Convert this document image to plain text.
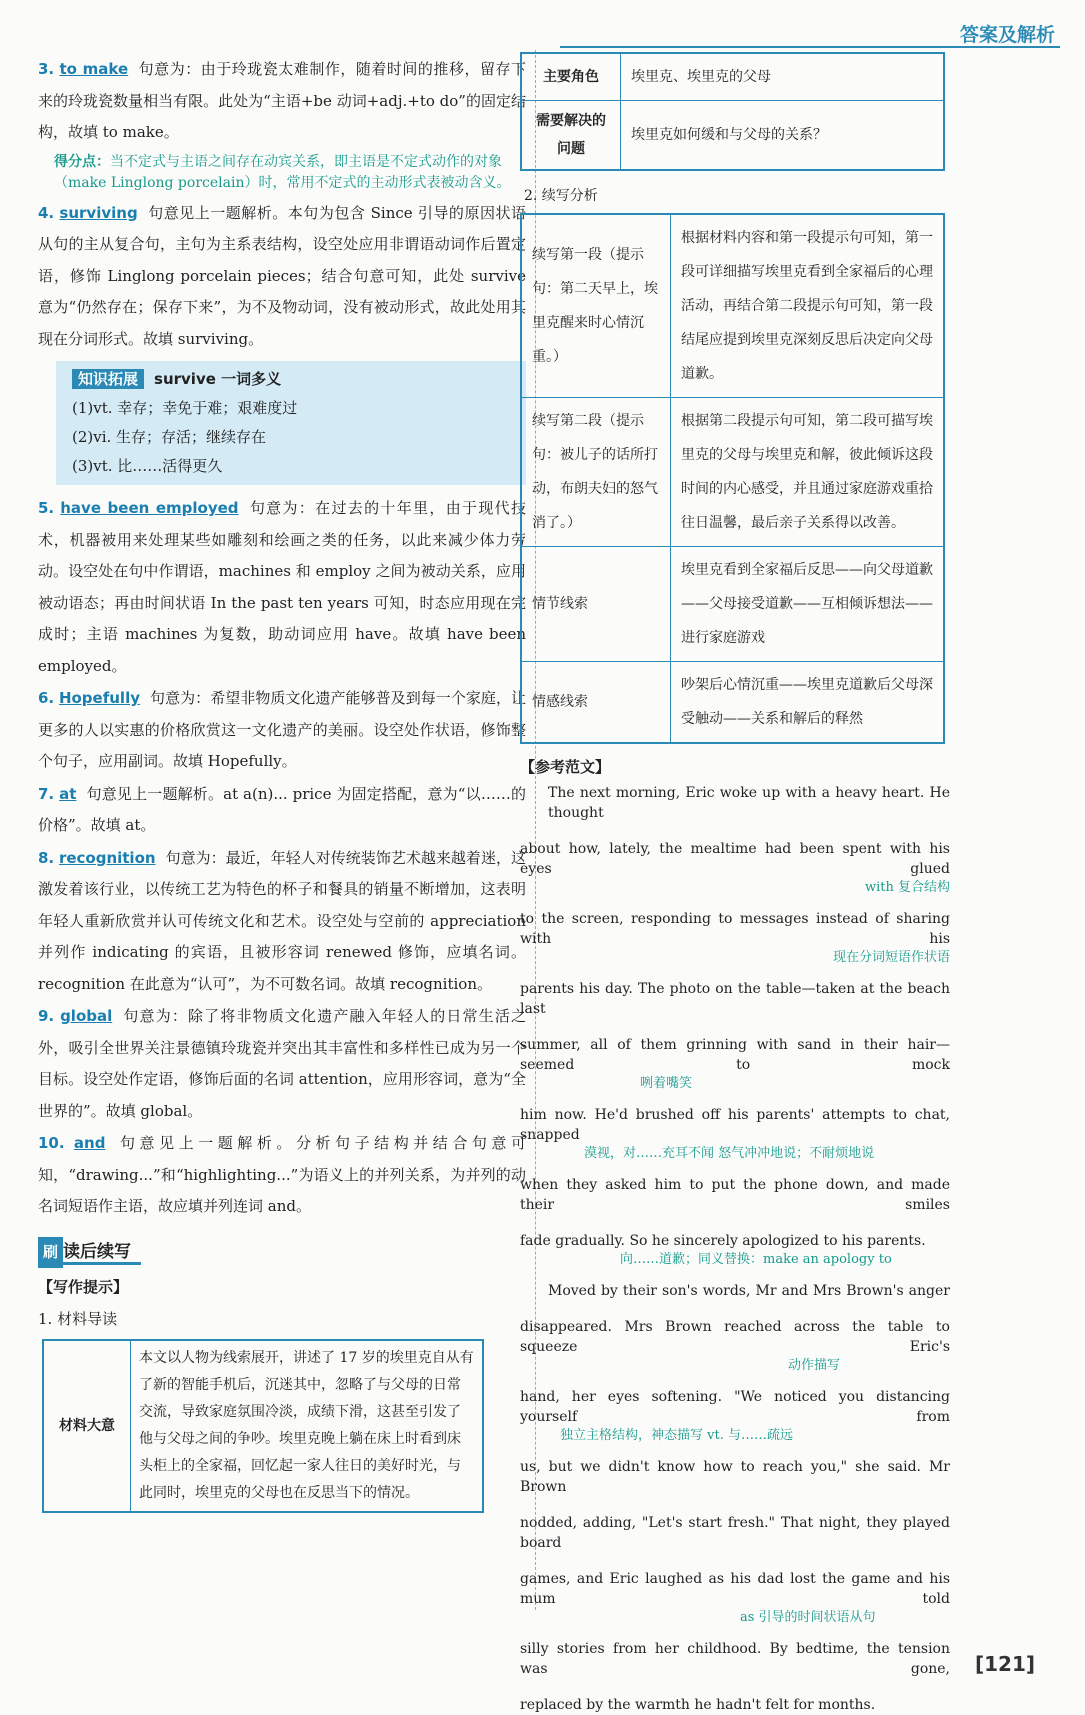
答案及解析
3. to make 句意为：由于玲珑瓷太难制作，随着时间的推移，留存下来的玲珑瓷数量相当有限。此处为“主语+be 动词+adj.+to do”的固定结构，故填 to make。
得分点：当不定式与主语之间存在动宾关系，即主语是不定式动作的对象（make Linglong porcelain）时，常用不定式的主动形式表被动含义。
4. surviving 句意见上一题解析。本句为包含 Since 引导的原因状语从句的主从复合句，主句为主系表结构，设空处应用非谓语动词作后置定语，修饰 Linglong porcelain pieces；结合句意可知，此处 survive 意为“仍然存在；保存下来”，为不及物动词，没有被动形式，故此处用其现在分词形式。故填 surviving。
知识拓展 survive 一词多义
(1)vt. 幸存；幸免于难；艰难度过
(2)vi. 生存；存活；继续存在
(3)vt. 比……活得更久
5. have been employed 句意为：在过去的十年里，由于现代技术，机器被用来处理某些如雕刻和绘画之类的任务，以此来减少体力劳动。设空处在句中作谓语，machines 和 employ 之间为被动关系，应用被动语态；再由时间状语 In the past ten years 可知，时态应用现在完成时；主语 machines 为复数，助动词应用 have。故填 have been employed。
6. Hopefully 句意为：希望非物质文化遗产能够普及到每一个家庭，让更多的人以实惠的价格欣赏这一文化遗产的美丽。设空处作状语，修饰整个句子，应用副词。故填 Hopefully。
7. at 句意见上一题解析。at a(n)... price 为固定搭配，意为“以……的价格”。故填 at。
8. recognition 句意为：最近，年轻人对传统装饰艺术越来越着迷，这激发着该行业，以传统工艺为特色的杯子和餐具的销量不断增加，这表明年轻人重新欣赏并认可传统文化和艺术。设空处与空前的 appreciation 并列作 indicating 的宾语，且被形容词 renewed 修饰，应填名词。recognition 在此意为“认可”，为不可数名词。故填 recognition。
9. global 句意为：除了将非物质文化遗产融入年轻人的日常生活之外，吸引全世界关注景德镇玲珑瓷并突出其丰富性和多样性已成为另一个目标。设空处作定语，修饰后面的名词 attention，应用形容词，意为“全世界的”。故填 global。
10. and 句意见上一题解析。分析句子结构并结合句意可知，“drawing...”和“highlighting...”为语义上的并列关系，为并列的动名词短语作主语，故应填并列连词 and。
刷 读后续写
【写作提示】
1. 材料导读
材料大意	本文以人物为线索展开，讲述了 17 岁的埃里克自从有了新的智能手机后，沉迷其中，忽略了与父母的日常交流，导致家庭氛围冷淡，成绩下滑，这甚至引发了他与父母之间的争吵。埃里克晚上躺在床上时看到床头柜上的全家福，回忆起一家人往日的美好时光，与此同时，埃里克的父母也在反思当下的情况。
主要角色	埃里克、埃里克的父母
需要解决的问题	埃里克如何缓和与父母的关系？
2. 续写分析
续写第一段（提示句：第二天早上，埃里克醒来时心情沉重。）	根据材料内容和第一段提示句可知，第一段可详细描写埃里克看到全家福后的心理活动，再结合第二段提示句可知，第一段结尾应提到埃里克深刻反思后决定向父母道歉。
续写第二段（提示句：被儿子的话所打动，布朗夫妇的怒气消了。）	根据第二段提示句可知，第二段可描写埃里克的父母与埃里克和解，彼此倾诉这段时间的内心感受，并且通过家庭游戏重拾往日温馨，最后亲子关系得以改善。
情节线索	埃里克看到全家福后反思——向父母道歉——父母接受道歉——互相倾诉想法——进行家庭游戏
情感线索	吵架后心情沉重——埃里克道歉后父母深受触动——关系和解后的释然
【参考范文】
The next morning, Eric woke up with a heavy heart. He thought
about how, lately, the mealtime had been spent with his eyes glued
with 复合结构
to the screen, responding to messages instead of sharing with his
现在分词短语作状语
parents his day. The photo on the table—taken at the beach last
summer, all of them grinning with sand in their hair—seemed to mock
咧着嘴笑
him now. He'd brushed off his parents' attempts to chat, snapped
漠视，对……充耳不闻 怒气冲冲地说；不耐烦地说
when they asked him to put the phone down, and made their smiles
fade gradually. So he sincerely apologized to his parents.
向……道歉；同义替换：make an apology to
Moved by their son's words, Mr and Mrs Brown's anger
disappeared. Mrs Brown reached across the table to squeeze Eric's
动作描写
hand, her eyes softening. "We noticed you distancing yourself from
独立主格结构，神态描写 vt. 与……疏远
us, but we didn't know how to reach you," she said. Mr Brown
nodded, adding, "Let's start fresh." That night, they played board
games, and Eric laughed as his dad lost the game and his mum told
as 引导的时间状语从句
silly stories from her childhood. By bedtime, the tension was gone,
replaced by the warmth he hadn't felt for months.
[121]
